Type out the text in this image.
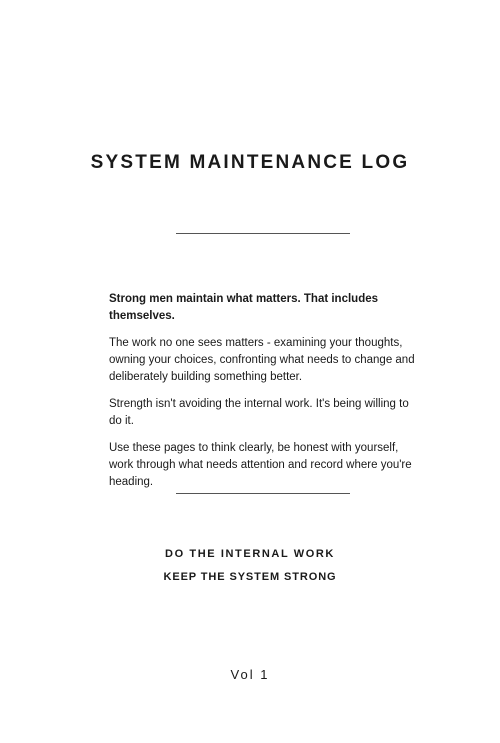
SYSTEM MAINTENANCE LOG

Strong men maintain what matters. That includes themselves.

The work no one sees matters - examining your thoughts, owning your choices, confronting what needs to change and deliberately building something better.

Strength isn't avoiding the internal work. It's being willing to do it.

Use these pages to think clearly, be honest with yourself, work through what needs attention and record where you're heading.

DO THE INTERNAL WORK

KEEP THE SYSTEM STRONG

Vol 1
